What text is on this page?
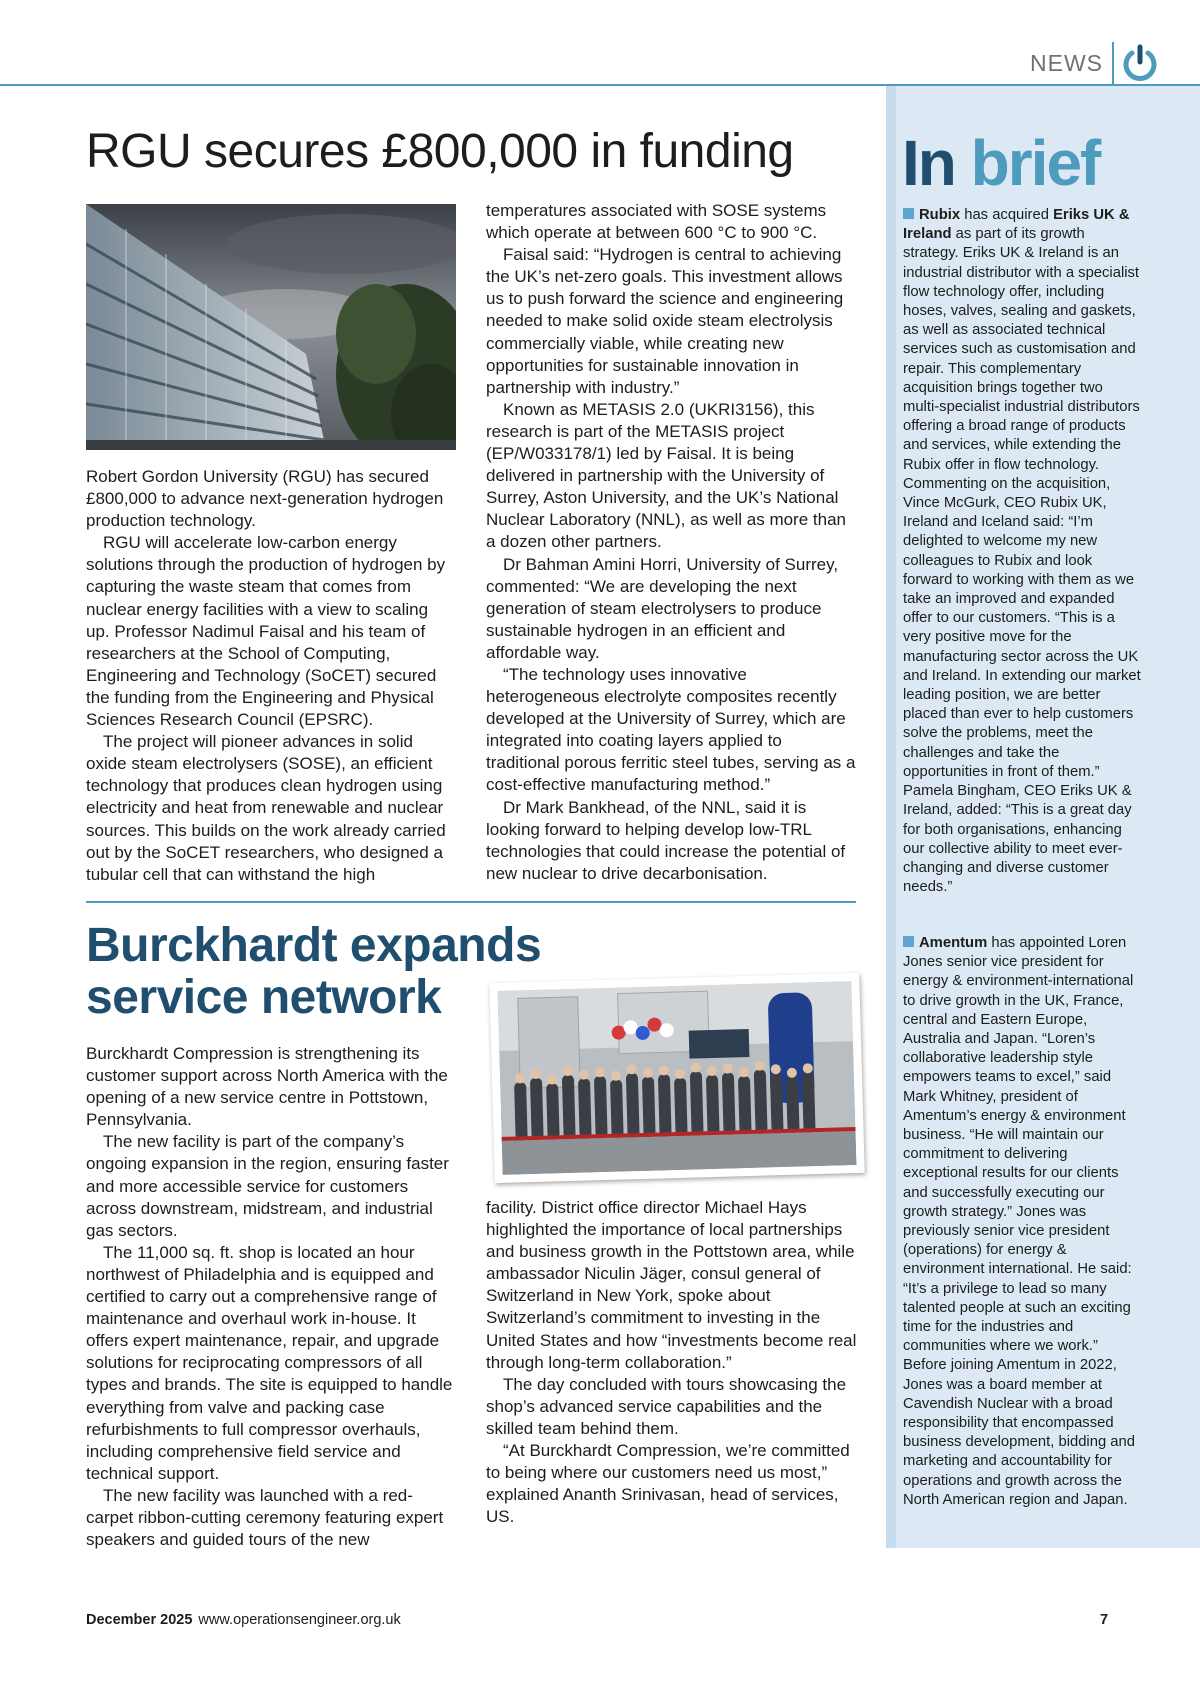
NEWS
RGU secures £800,000 in funding

Robert Gordon University (RGU) has secured £800,000 to advance next-generation hydrogen production technology.

RGU will accelerate low-carbon energy solutions through the production of hydrogen by capturing the waste steam that comes from nuclear energy facilities with a view to scaling up. Professor Nadimul Faisal and his team of researchers at the School of Computing, Engineering and Technology (SoCET) secured the funding from the Engineering and Physical Sciences Research Council (EPSRC).

The project will pioneer advances in solid oxide steam electrolysers (SOSE), an efficient technology that produces clean hydrogen using electricity and heat from renewable and nuclear sources. This builds on the work already carried out by the SoCET researchers, who designed a tubular cell that can withstand the high

temperatures associated with SOSE systems which operate at between 600 °C to 900 °C.

Faisal said: “Hydrogen is central to achieving the UK’s net-zero goals. This investment allows us to push forward the science and engineering needed to make solid oxide steam electrolysis commercially viable, while creating new opportunities for sustainable innovation in partnership with industry.”

Known as METASIS 2.0 (UKRI3156), this research is part of the METASIS project (EP/W033178/1) led by Faisal. It is being delivered in partnership with the University of Surrey, Aston University, and the UK’s National Nuclear Laboratory (NNL), as well as more than a dozen other partners.

Dr Bahman Amini Horri, University of Surrey, commented: “We are developing the next generation of steam electrolysers to produce sustainable hydrogen in an efficient and affordable way.

“The technology uses innovative heterogeneous electrolyte composites recently developed at the University of Surrey, which are integrated into coating layers applied to traditional porous ferritic steel tubes, serving as a cost-effective manufacturing method.”

Dr Mark Bankhead, of the NNL, said it is looking forward to helping develop low-TRL technologies that could increase the potential of new nuclear to drive decarbonisation.

Burckhardt expands service network

Burckhardt Compression is strengthening its customer support across North America with the opening of a new service centre in Pottstown, Pennsylvania.

The new facility is part of the company’s ongoing expansion in the region, ensuring faster and more accessible service for customers across downstream, midstream, and industrial gas sectors.

The 11,000 sq. ft. shop is located an hour northwest of Philadelphia and is equipped and certified to carry out a comprehensive range of maintenance and overhaul work in-house. It offers expert maintenance, repair, and upgrade solutions for reciprocating compressors of all types and brands. The site is equipped to handle everything from valve and packing case refurbishments to full compressor overhauls, including comprehensive field service and technical support.

The new facility was launched with a red-carpet ribbon-cutting ceremony featuring expert speakers and guided tours of the new

facility. District office director Michael Hays highlighted the importance of local partnerships and business growth in the Pottstown area, while ambassador Niculin Jäger, consul general of Switzerland in New York, spoke about Switzerland’s commitment to investing in the United States and how “investments become real through long-term collaboration.”

The day concluded with tours showcasing the shop’s advanced service capabilities and the skilled team behind them.

“At Burckhardt Compression, we’re committed to being where our customers need us most,” explained Ananth Srinivasan, head of services, US.

In brief
Rubix has acquired Eriks UK & Ireland as part of its growth strategy. Eriks UK & Ireland is an industrial distributor with a specialist flow technology offer, including hoses, valves, sealing and gaskets, as well as associated technical services such as customisation and repair. This complementary acquisition brings together two multi-specialist industrial distributors offering a broad range of products and services, while extending the Rubix offer in flow technology. Commenting on the acquisition, Vince McGurk, CEO Rubix UK, Ireland and Iceland said: “I’m delighted to welcome my new colleagues to Rubix and look forward to working with them as we take an improved and expanded offer to our customers. “This is a very positive move for the manufacturing sector across the UK and Ireland. In extending our market leading position, we are better placed than ever to help customers solve the problems, meet the challenges and take the opportunities in front of them.” Pamela Bingham, CEO Eriks UK & Ireland, added: “This is a great day for both organisations, enhancing our collective ability to meet ever-changing and diverse customer needs.”
Amentum has appointed Loren Jones senior vice president for energy & environment-international to drive growth in the UK, France, central and Eastern Europe, Australia and Japan. “Loren’s collaborative leadership style empowers teams to excel,” said Mark Whitney, president of Amentum’s energy & environment business. “He will maintain our commitment to delivering exceptional results for our clients and successfully executing our growth strategy.” Jones was previously senior vice president (operations) for energy & environment international. He said: “It’s a privilege to lead so many talented people at such an exciting time for the industries and communities where we work.” Before joining Amentum in 2022, Jones was a board member at Cavendish Nuclear with a broad responsibility that encompassed business development, bidding and marketing and accountability for operations and growth across the North American region and Japan.
December 2025 www.operationsengineer.org.uk	7
